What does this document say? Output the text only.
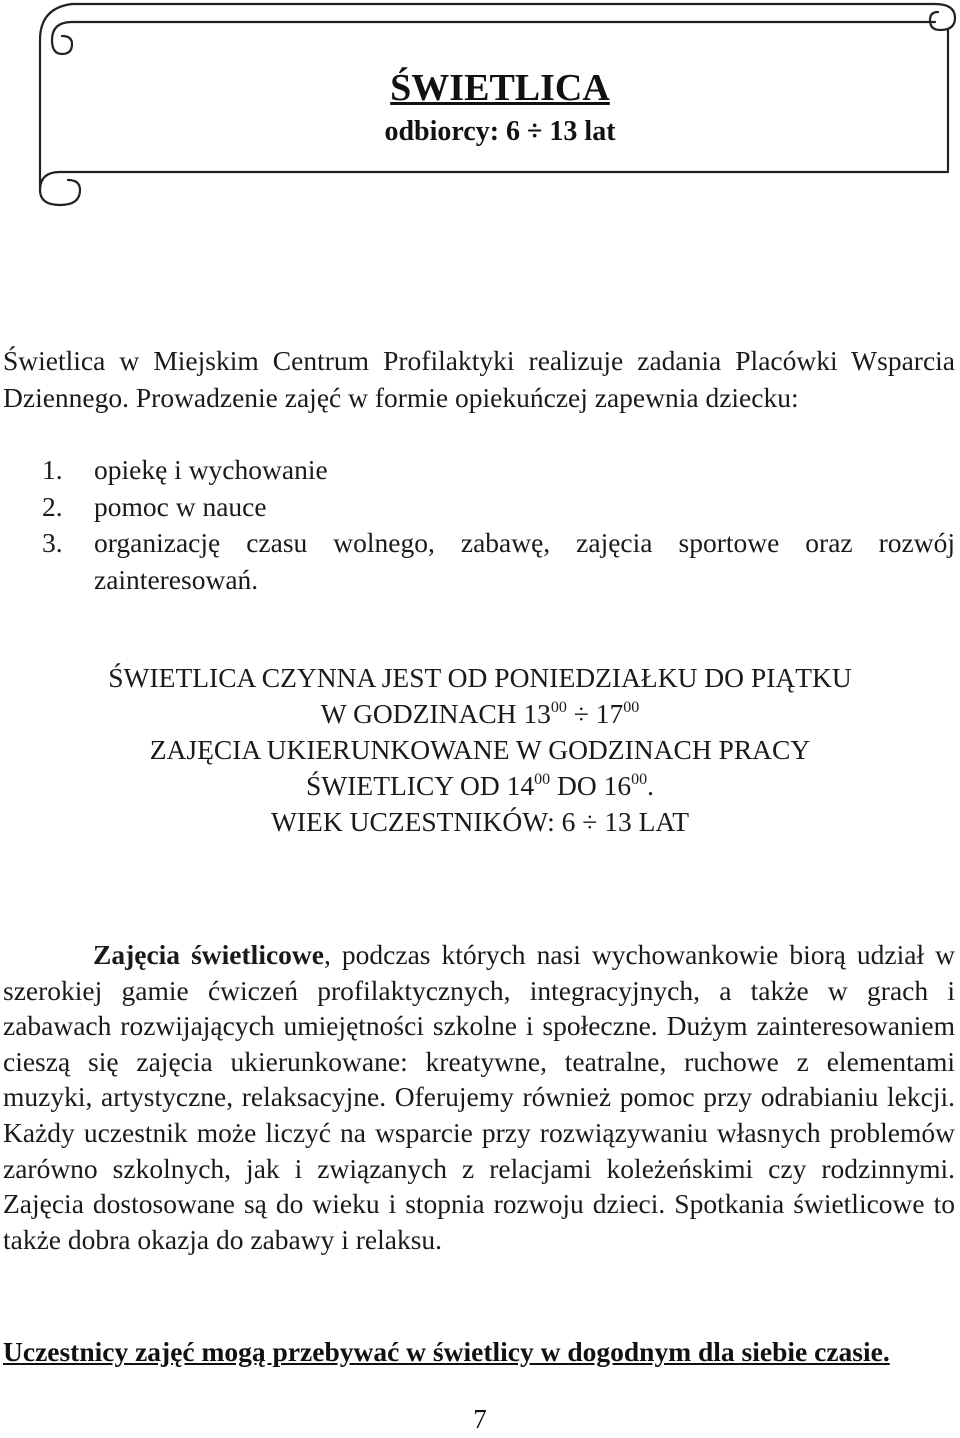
ŚWIETLICA

odbiorcy: 6 ÷ 13 lat

Świetlica w Miejskim Centrum Profilaktyki realizuje zadania Placówki Wsparcia Dziennego. Prowadzenie zajęć w formie opiekuńczej zapewnia dziecku:

1. opiekę i wychowanie
2. pomoc w nauce
3. organizację czasu wolnego, zabawę, zajęcia sportowe oraz rozwój zainteresowań.
ŚWIETLICA CZYNNA JEST OD PONIEDZIAŁKU DO PIĄTKU
W GODZINACH $13^{00} \div 17^{00}$
ZAJĘCIA UKIERUNKOWANE W GODZINACH PRACY
ŚWIETLICY OD $14^{00}$ DO $16^{00}$.
WIEK UCZESTNIKÓW: 6 ÷ 13 LAT

Zajęcia świetlicowe, podczas których nasi wychowankowie biorą udział w szerokiej gamie ćwiczeń profilaktycznych, integracyjnych, a także w grach i zabawach rozwijających umiejętności szkolne i społeczne. Dużym zainteresowaniem cieszą się zajęcia ukierunkowane: kreatywne, teatralne, ruchowe z elementami muzyki, artystyczne, relaksacyjne. Oferujemy również pomoc przy odrabianiu lekcji. Każdy uczestnik może liczyć na wsparcie przy rozwiązywaniu własnych problemów zarówno szkolnych, jak i związanych z relacjami koleżeńskimi czy rodzinnymi. Zajęcia dostosowane są do wieku i stopnia rozwoju dzieci. Spotkania świetlicowe to także dobra okazja do zabawy i relaksu.

Uczestnicy zajęć mogą przebywać w świetlicy w dogodnym dla siebie czasie.

7
